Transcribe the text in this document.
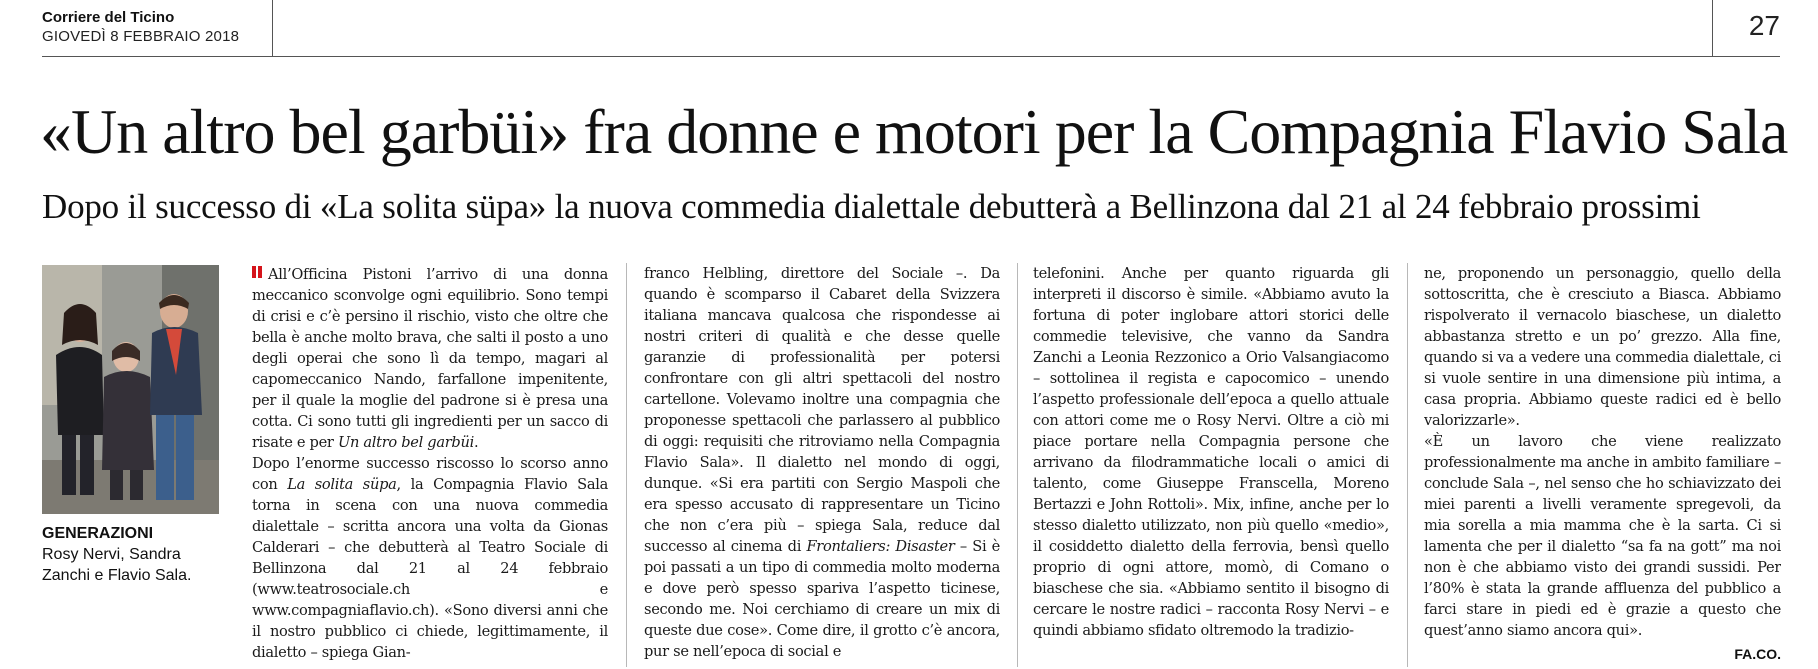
Corriere del Ticino
GIOVEDÌ 8 FEBBRAIO 2018	27
«Un altro bel garbüi» fra donne e motori per la Compagnia Flavio Sala
Dopo il successo di «La solita süpa» la nuova commedia dialettale debutterà a Bellinzona dal 21 al 24 febbraio prossimi
GENERAZIONI
Rosy Nervi, Sandra Zanchi e Flavio Sala.

All’Officina Pistoni l’arrivo di una donna meccanico sconvolge ogni equilibrio. Sono tempi di crisi e c’è persino il rischio, visto che oltre che bella è anche molto brava, che salti il posto a uno degli operai che sono lì da tempo, magari al capomeccanico Nando, farfallone impenitente, per il quale la moglie del padrone si è presa una cotta. Ci sono tutti gli ingredienti per un sacco di risate e per Un altro bel garbüi.

Dopo l’enorme successo riscosso lo scorso anno con La solita süpa, la Compagnia Flavio Sala torna in scena con una nuova commedia dialettale – scritta ancora una volta da Gionas Calderari – che debutterà al Teatro Sociale di Bellinzona dal 21 al 24 febbraio (www.teatrosociale.ch e www.compagniaflavio.ch). «Sono diversi anni che il nostro pubblico ci chiede, legittimamente, il dialetto – spiega Gian-

franco Helbling, direttore del Sociale –. Da quando è scomparso il Cabaret della Svizzera italiana mancava qualcosa che rispondesse ai nostri criteri di qualità e che desse quelle garanzie di professionalità per potersi confrontare con gli altri spettacoli del nostro cartellone. Volevamo inoltre una compagnia che proponesse spettacoli che parlassero al pubblico di oggi: requisiti che ritroviamo nella Compagnia Flavio Sala». Il dialetto nel mondo di oggi, dunque. «Si era partiti con Sergio Maspoli che era spesso accusato di rappresentare un Ticino che non c’era più – spiega Sala, reduce dal successo al cinema di Frontaliers: Disaster – Si è poi passati a un tipo di commedia molto moderna e dove però spesso spariva l’aspetto ticinese, secondo me. Noi cerchiamo di creare un mix di queste due cose». Come dire, il grotto c’è ancora, pur se nell’epoca di social e

telefonini. Anche per quanto riguarda gli interpreti il discorso è simile. «Abbiamo avuto la fortuna di poter inglobare attori storici delle commedie televisive, che vanno da Sandra Zanchi a Leonia Rezzonico a Orio Valsangiacomo – sottolinea il regista e capocomico – unendo l’aspetto professionale dell’epoca a quello attuale con attori come me o Rosy Nervi. Oltre a ciò mi piace portare nella Compagnia persone che arrivano da filodrammatiche locali o amici di talento, come Giuseppe Franscella, Moreno Bertazzi e John Rottoli». Mix, infine, anche per lo stesso dialetto utilizzato, non più quello «medio», il cosiddetto dialetto della ferrovia, bensì quello proprio di ogni attore, momò, di Comano o biaschese che sia. «Abbiamo sentito il bisogno di cercare le nostre radici – racconta Rosy Nervi – e quindi abbiamo sfidato oltremodo la tradizio-

ne, proponendo un personaggio, quello della sottoscritta, che è cresciuto a Biasca. Abbiamo rispolverato il vernacolo biaschese, un dialetto abbastanza stretto e un po’ grezzo. Alla fine, quando si va a vedere una commedia dialettale, ci si vuole sentire in una dimensione più intima, a casa propria. Abbiamo queste radici ed è bello valorizzarle».

«È un lavoro che viene realizzato professionalmente ma anche in ambito familiare – conclude Sala –, nel senso che ho schiavizzato dei miei parenti a livelli veramente spregevoli, da mia sorella a mia mamma che è la sarta. Ci si lamenta che per il dialetto “sa fa na gott” ma noi non è che abbiamo visto dei grandi sussidi. Per l’80% è stata la grande affluenza del pubblico a farci stare in piedi ed è grazie a questo che quest’anno siamo ancora qui».

FA.CO.
